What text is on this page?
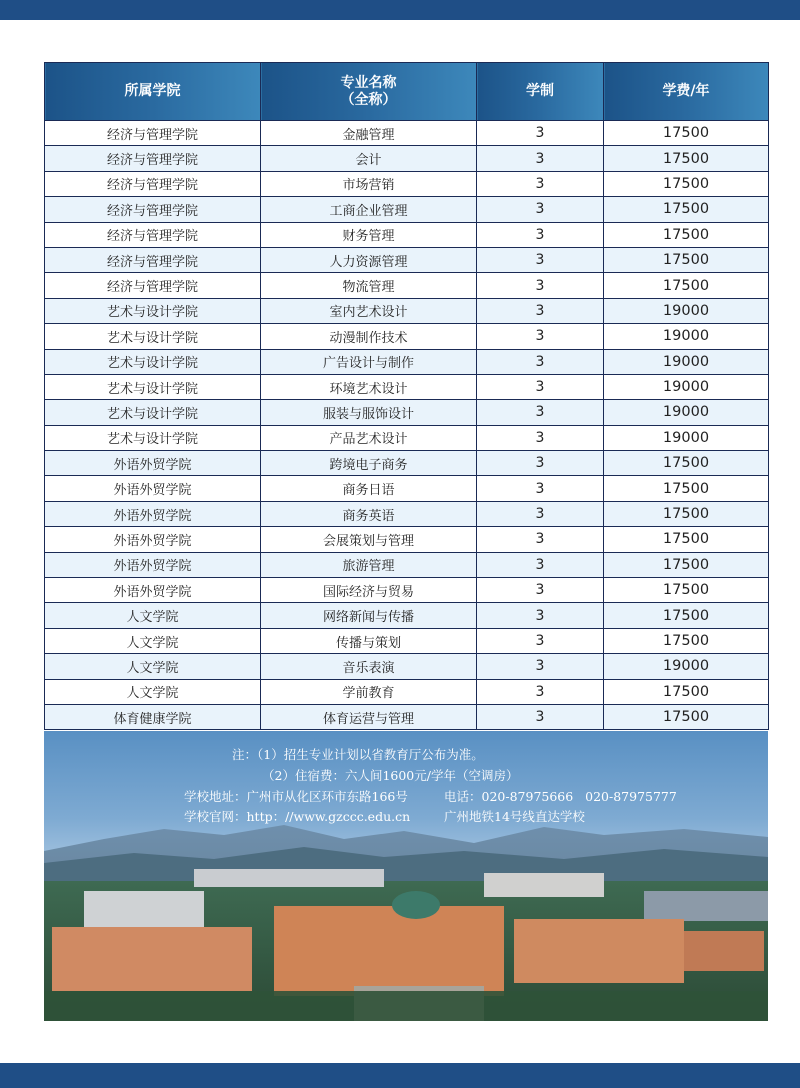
所属学院	专业名称
（全称）	学制	学费/年
经济与管理学院	金融管理	3	17500
经济与管理学院	会计	3	17500
经济与管理学院	市场营销	3	17500
经济与管理学院	工商企业管理	3	17500
经济与管理学院	财务管理	3	17500
经济与管理学院	人力资源管理	3	17500
经济与管理学院	物流管理	3	17500
艺术与设计学院	室内艺术设计	3	19000
艺术与设计学院	动漫制作技术	3	19000
艺术与设计学院	广告设计与制作	3	19000
艺术与设计学院	环境艺术设计	3	19000
艺术与设计学院	服装与服饰设计	3	19000
艺术与设计学院	产品艺术设计	3	19000
外语外贸学院	跨境电子商务	3	17500
外语外贸学院	商务日语	3	17500
外语外贸学院	商务英语	3	17500
外语外贸学院	会展策划与管理	3	17500
外语外贸学院	旅游管理	3	17500
外语外贸学院	国际经济与贸易	3	17500
人文学院	网络新闻与传播	3	17500
人文学院	传播与策划	3	17500
人文学院	音乐表演	3	19000
人文学院	学前教育	3	17500
体育健康学院	体育运营与管理	3	17500
注：（1）招生专业计划以省教育厅公布为准。
（2）住宿费：六人间1600元/学年（空调房）
学校地址：广州市从化区环市东路166号	电话：020-87975666   020-87975777
学校官网：http：//www.gzccc.edu.cn	广州地铁14号线直达学校
